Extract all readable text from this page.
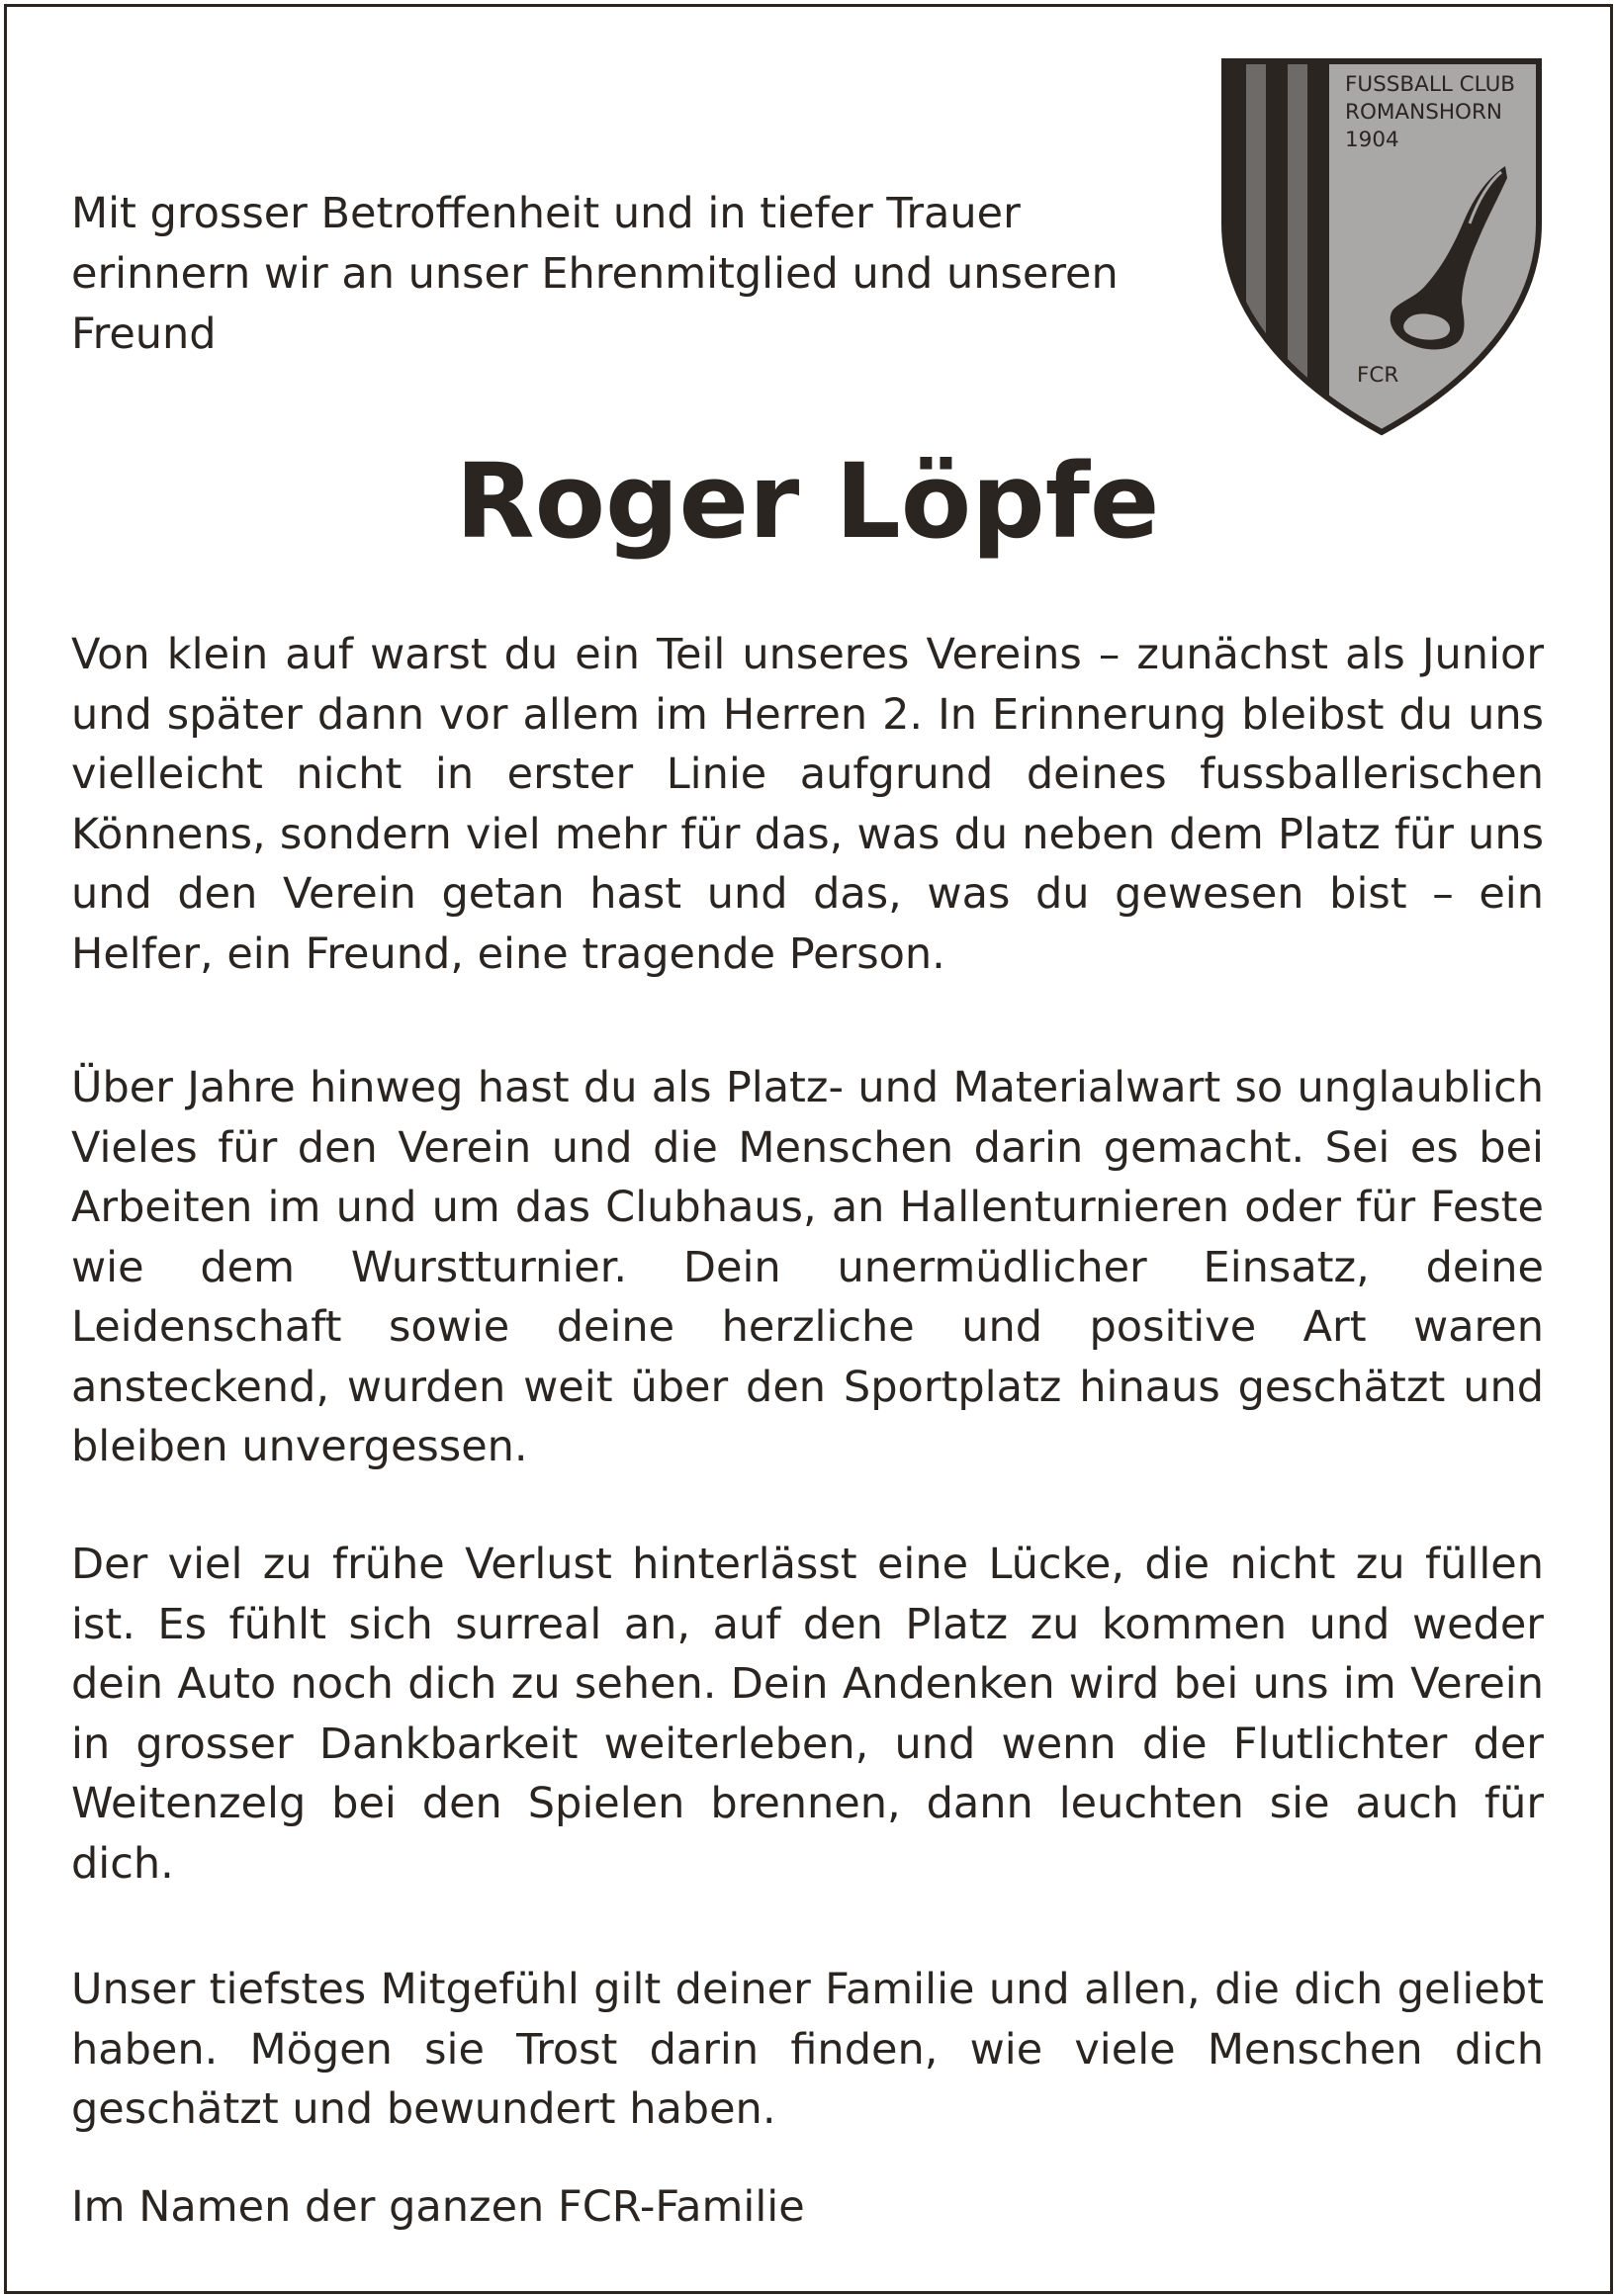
Mit grosser Betroffenheit und in tiefer Trauer erinnern wir an unser Ehrenmitglied und unseren Freund

FUSSBALL CLUB
ROMANSHORN
1904
FCR
Roger Löpfe

Von klein auf warst du ein Teil unseres Vereins – zunächst als Junior und später dann vor allem im Herren 2. In Erinnerung bleibst du uns vielleicht nicht in erster Linie aufgrund deines fussballerischen Könnens, sondern viel mehr für das, was du neben dem Platz für uns und den Verein getan hast und das, was du gewesen bist – ein Helfer, ein Freund, eine tragende Person.

Über Jahre hinweg hast du als Platz- und Materialwart so unglaublich Vieles für den Verein und die Menschen darin gemacht. Sei es bei Arbeiten im und um das Clubhaus, an Hallenturnieren oder für Feste wie dem Wurstturnier. Dein unermüdlicher Einsatz, deine Leidenschaft sowie deine herzliche und positive Art waren ansteckend, wurden weit über den Sportplatz hinaus geschätzt und bleiben unvergessen.

Der viel zu frühe Verlust hinterlässt eine Lücke, die nicht zu füllen ist. Es fühlt sich surreal an, auf den Platz zu kommen und weder dein Auto noch dich zu sehen. Dein Andenken wird bei uns im Verein in grosser Dankbarkeit weiterleben, und wenn die Flutlichter der Weitenzelg bei den Spielen brennen, dann leuchten sie auch für dich.

Unser tiefstes Mitgefühl gilt deiner Familie und allen, die dich geliebt haben. Mögen sie Trost darin finden, wie viele Menschen dich geschätzt und bewundert haben.

Im Namen der ganzen FCR-Familie
